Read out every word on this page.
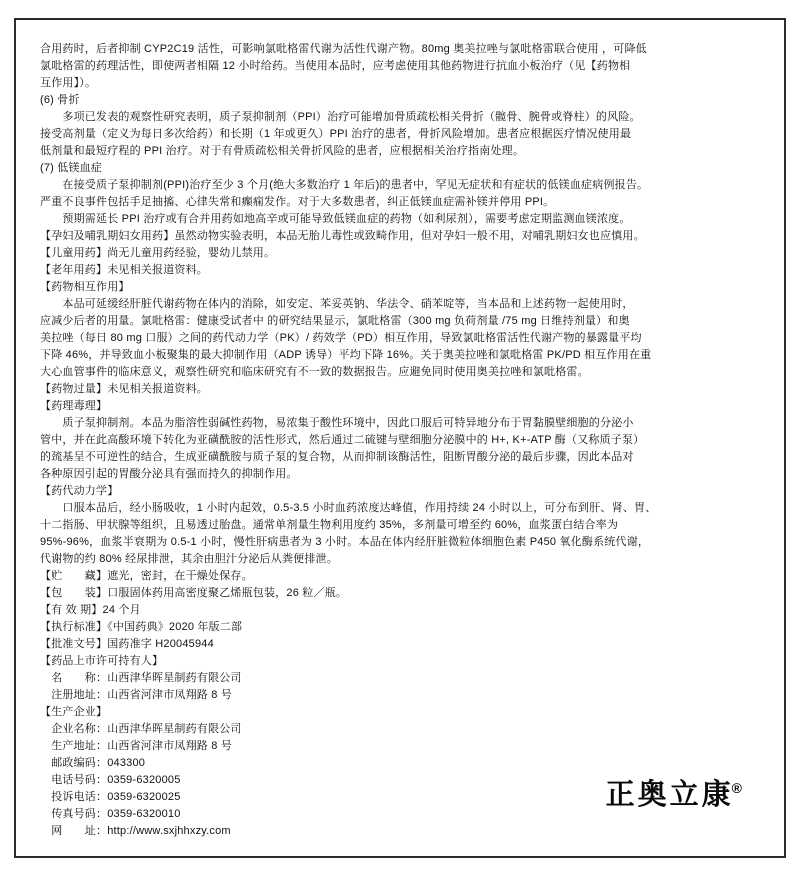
合用药时，后者抑制 CYP2C19 活性，可影响氯吡格雷代谢为活性代谢产物。80mg 奥美拉唑与氯吡格雷联合使用 ，可降低
氯吡格雷的药理活性，即使两者相隔 12 小时给药。当使用本品时，应考虑使用其他药物进行抗血小板治疗（见【药物相
互作用】）。
(6) 骨折
　　多项已发表的观察性研究表明，质子泵抑制剂（PPI）治疗可能增加骨质疏松相关骨折（髋骨、腕骨或脊柱）的风险。
接受高剂量（定义为每日多次给药）和长期（1 年或更久）PPI 治疗的患者，骨折风险增加。患者应根据医疗情况使用最
低剂量和最短疗程的 PPI 治疗。对于有骨质疏松相关骨折风险的患者，应根据相关治疗指南处理。
(7) 低镁血症
　　在接受质子泵抑制剂(PPI)治疗至少 3 个月(绝大多数治疗 1 年后)的患者中，罕见无症状和有症状的低镁血症病例报告。
严重不良事件包括手足抽搐、心律失常和癫痫发作。对于大多数患者，纠正低镁血症需补镁并停用 PPI。
　　预期需延长 PPI 治疗或有合并用药如地高辛或可能导致低镁血症的药物（如利尿剂），需要考虑定期监测血镁浓度。
【孕妇及哺乳期妇女用药】虽然动物实验表明，本品无胎儿毒性或致畸作用，但对孕妇一般不用，对哺乳期妇女也应慎用。
【儿童用药】尚无儿童用药经验，婴幼儿禁用。
【老年用药】未见相关报道资料。
【药物相互作用】
　　本品可延缓经肝脏代谢药物在体内的消除，如安定、苯妥英钠、华法令、硝苯啶等，当本品和上述药物一起使用时，
应减少后者的用量。氯吡格雷：健康受试者中 的研究结果显示，氯吡格雷（300 mg 负荷剂量 /75 mg 日维持剂量）和奥
美拉唑（每日 80 mg 口服）之间的药代动力学（PK）/ 药效学（PD）相互作用，导致氯吡格雷活性代谢产物的暴露量平均
下降 46%，并导致血小板聚集的最大抑制作用（ADP 诱导）平均下降 16%。关于奥美拉唑和氯吡格雷 PK/PD 相互作用在重
大心血管事件的临床意义，观察性研究和临床研究有不一致的数据报告。应避免同时使用奥美拉唑和氯吡格雷。
【药物过量】未见相关报道资料。
【药理毒理】
　　质子泵抑制剂。本品为脂溶性弱碱性药物，易浓集于酸性环境中，因此口服后可特异地分布于胃黏膜壁细胞的分泌小
管中，并在此高酸环境下转化为亚磺酰胺的活性形式，然后通过二硫键与壁细胞分泌膜中的 H+, K+-ATP 酶（又称质子泵）
的巯基呈不可逆性的结合，生成亚磺酰胺与质子泵的复合物，从而抑制该酶活性，阻断胃酸分泌的最后步骤，因此本品对
各种原因引起的胃酸分泌具有强而持久的抑制作用。
【药代动力学】
　　口服本品后，经小肠吸收，1 小时内起效，0.5-3.5 小时血药浓度达峰值，作用持续 24 小时以上，可分布到肝、肾、胃、
十二指肠、甲状腺等组织，且易透过胎盘。通常单剂量生物利用度约 35%，多剂量可增至约 60%，血浆蛋白结合率为
95%-96%，血浆半衰期为 0.5-1 小时，慢性肝病患者为 3 小时。本品在体内经肝脏微粒体细胞色素 P450 氧化酶系统代谢，
代谢物的约 80% 经尿排泄，其余由胆汁分泌后从粪便排泄。
【贮　　藏】遮光，密封，在干燥处保存。
【包　　装】口服固体药用高密度聚乙烯瓶包装，26 粒／瓶。
【有 效 期】24 个月
【执行标准】《中国药典》2020 年版二部
【批准文号】国药准字 H20045944
【药品上市许可持有人】
　名　　称：山西津华晖星制药有限公司
　注册地址：山西省河津市凤翔路 8 号
【生产企业】
　企业名称：山西津华晖星制药有限公司
　生产地址：山西省河津市凤翔路 8 号
　邮政编码：043300
　电话号码：0359-6320005
　投诉电话：0359-6320025
　传真号码：0359-6320010
　网　　址：http://www.sxjhhxzy.com
正奥立康®
